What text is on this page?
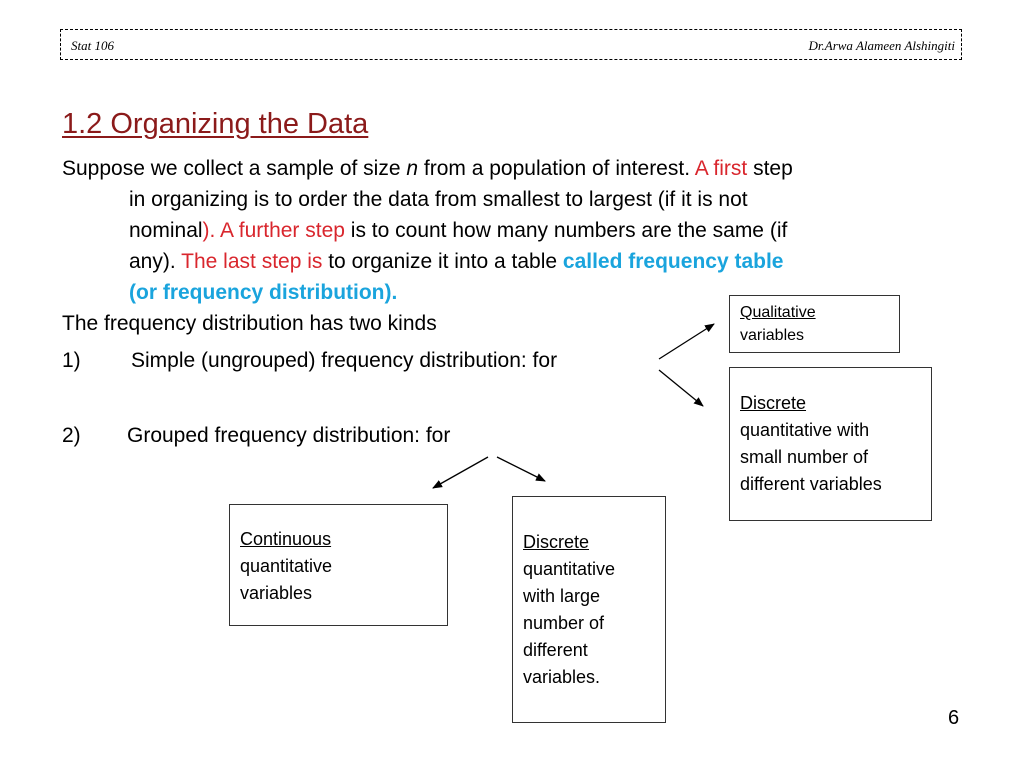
Stat 106	Dr.Arwa Alameen Alshingiti
1.2 Organizing the Data
Suppose we collect a sample of size n from a population of interest. A first step
in organizing is to order the data from smallest to largest (if it is not
nominal). A further step is to count how many numbers are the same (if
any). The last step is to organize it into a table called frequency table
(or frequency distribution).
The frequency distribution has two kinds
1) Simple (ungrouped) frequency distribution: for
2) Grouped frequency distribution: for
Qualitative
variables
Discrete
quantitative with
small number of
different variables
Continuous
quantitative
variables
Discrete
quantitative
with large
number of
different
variables.
6
